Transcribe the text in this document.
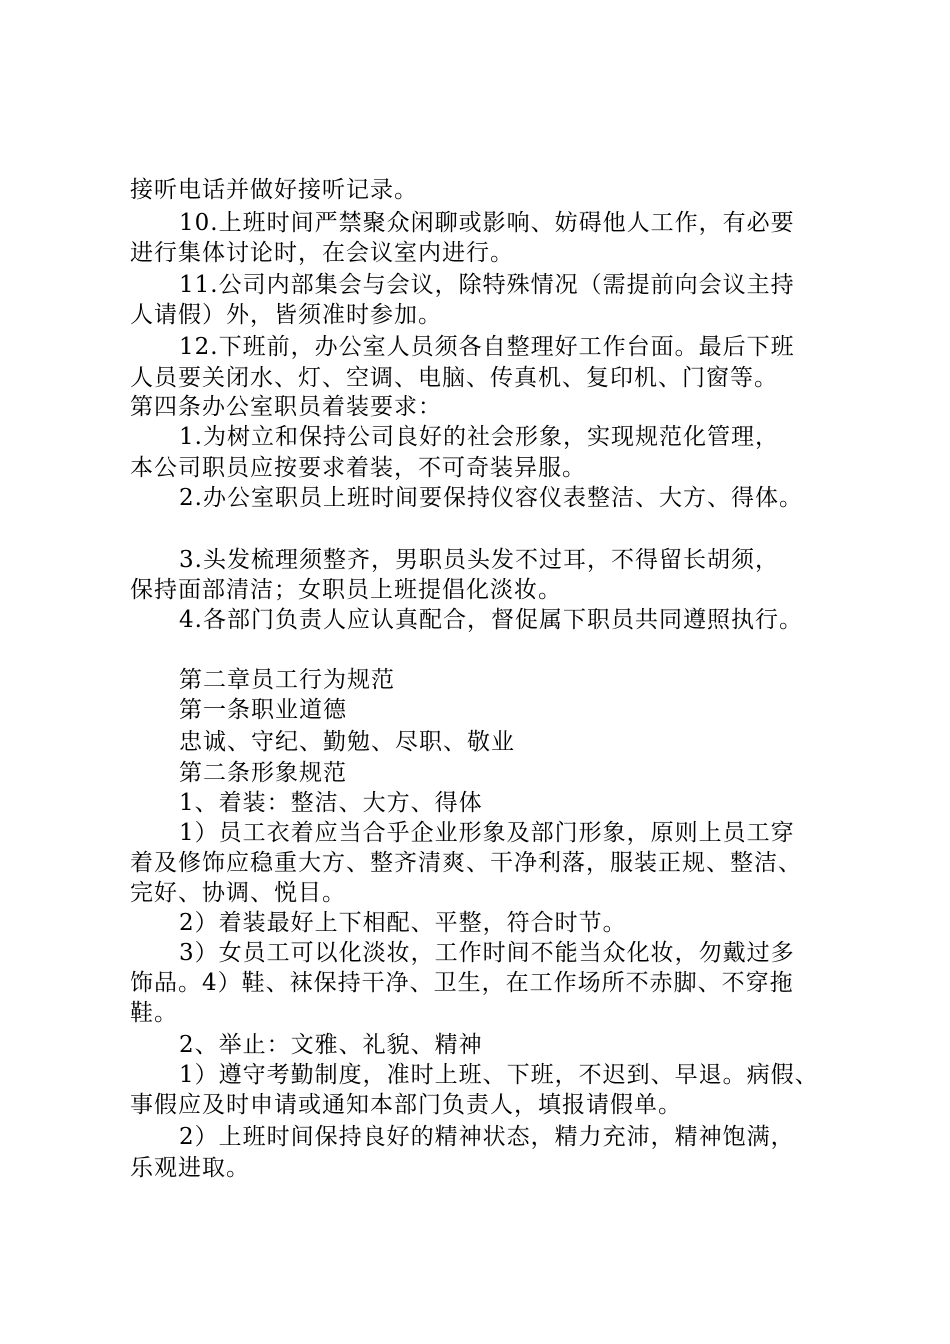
接听电话并做好接听记录。
10.上班时间严禁聚众闲聊或影响、妨碍他人工作，有必要
进行集体讨论时，在会议室内进行。
11.公司内部集会与会议，除特殊情况（需提前向会议主持
人请假）外，皆须准时参加。
12.下班前，办公室人员须各自整理好工作台面。最后下班
人员要关闭水、灯、空调、电脑、传真机、复印机、门窗等。
第四条办公室职员着装要求：
1.为树立和保持公司良好的社会形象，实现规范化管理，
本公司职员应按要求着装，不可奇装异服。
2.办公室职员上班时间要保持仪容仪表整洁、大方、得体。
3.头发梳理须整齐，男职员头发不过耳，不得留长胡须，
保持面部清洁；女职员上班提倡化淡妆。
4.各部门负责人应认真配合，督促属下职员共同遵照执行。
第二章员工行为规范
第一条职业道德
忠诚、守纪、勤勉、尽职、敬业
第二条形象规范
1、着装：整洁、大方、得体
1）员工衣着应当合乎企业形象及部门形象，原则上员工穿
着及修饰应稳重大方、整齐清爽、干净利落，服装正规、整洁、
完好、协调、悦目。
2）着装最好上下相配、平整，符合时节。
3）女员工可以化淡妆，工作时间不能当众化妆，勿戴过多
饰品。4）鞋、袜保持干净、卫生，在工作场所不赤脚、不穿拖
鞋。
2、举止：文雅、礼貌、精神
1）遵守考勤制度，准时上班、下班，不迟到、早退。病假、
事假应及时申请或通知本部门负责人，填报请假单。
2）上班时间保持良好的精神状态，精力充沛，精神饱满，
乐观进取。
